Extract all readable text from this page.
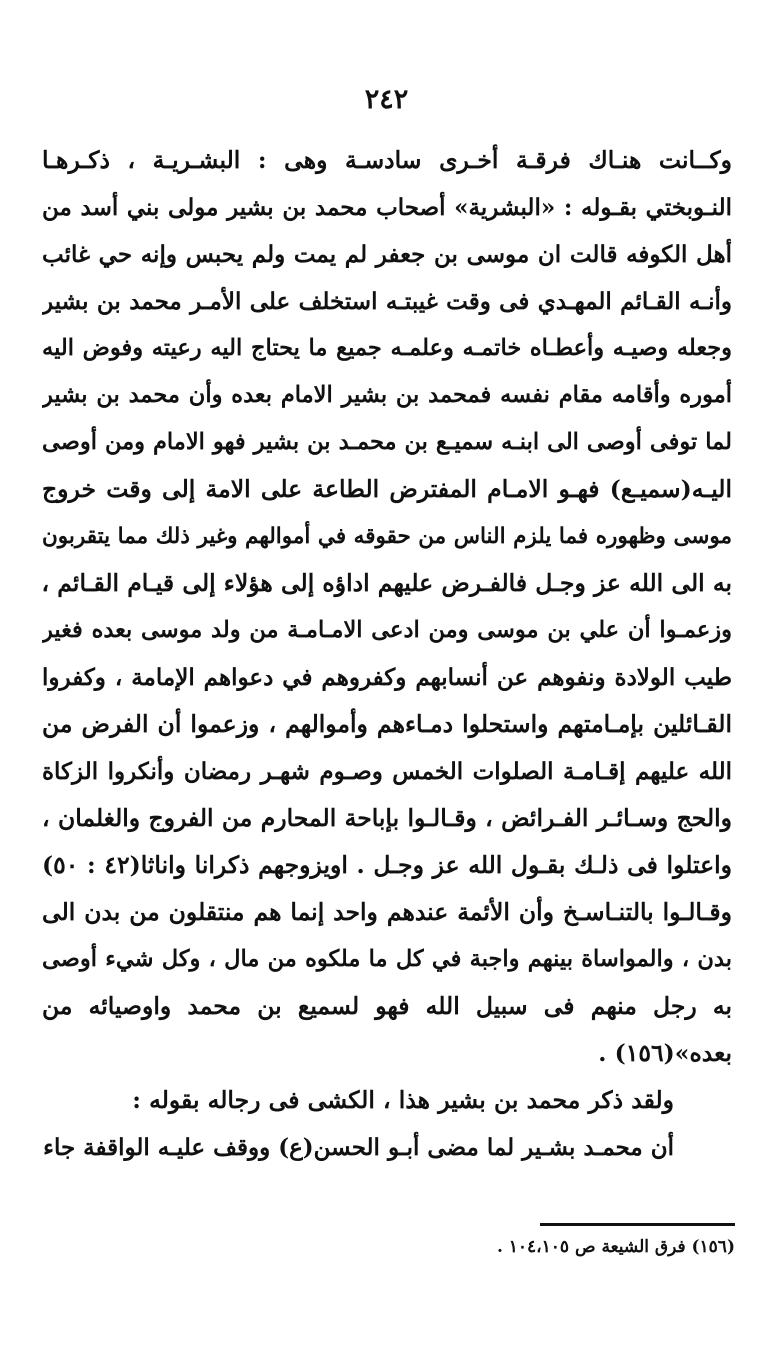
٢٤٢
وكــانت هنـاك فرقـة أخـرى سادسـة وهى : البشـريـة ، ذكـرهـا
النـوبختي بقـوله : «البشرية» أصحاب محمد بن بشير مولى بني أسد من
أهل الكوفه قالت ان موسى بن جعفر لم يمت ولم يحبس وإنه حي غائب
وأنـه القـائم المهـدي فى وقت غيبتـه استخلف على الأمـر محمد بن بشير
وجعله وصيـه وأعطـاه خاتمـه وعلمـه جميع ما يحتاج اليه رعيته وفوض اليه
أموره وأقامه مقام نفسه فمحمد بن بشير الامام بعده وأن محمد بن بشير
لما توفى أوصى الى ابنـه سميـع بن محمـد بن بشير فهو الامام ومن أوصى
اليـه(سميـع) فهـو الامـام المفترض الطاعة على الامة إلى وقت خروج
موسى وظهوره فما يلزم الناس من حقوقه في أموالهم وغير ذلك مما يتقربون
به الى الله عز وجـل فالفـرض عليهم اداؤه إلى هؤلاء إلى قيـام القـائم ،
وزعمـوا أن علي بن موسى ومن ادعى الامـامـة من ولد موسى بعده فغير
طيب الولادة ونفوهم عن أنسابهم وكفروهم في دعواهم الإمامة ، وكفروا
القـائلين بإمـامتهم واستحلوا دمـاءهم وأموالهم ، وزعموا أن الفرض من
الله عليهم إقـامـة الصلوات الخمس وصـوم شهـر رمضان وأنكروا الزكاة
والحج وسـائـر الفـرائض ، وقـالـوا بإباحة المحارم من الفروج والغلمان ،
واعتلوا فى ذلـك بقـول الله عز وجـل . اويزوجهم ذكرانا واناثا(٤٢ : ٥٠)
وقـالـوا بالتنـاسـخ وأن الأئمة عندهم واحد إنما هم منتقلون من بدن الى
بدن ، والمواساة بينهم واجبة في كل ما ملكوه من مال ، وكل شيء أوصى
به رجل منهم فى سبيل الله فهو لسميع بن محمد واوصيائه من
بعده»(١٥٦) .
ولقد ذكر محمد بن بشير هذا ، الكشى فى رجاله بقوله :
أن محمـد بشـير لما مضى أبـو الحسن(ع) ووقف عليـه الواقفة جاء
(١٥٦) فرق الشيعة ص ١٠٤،١٠٥ .
